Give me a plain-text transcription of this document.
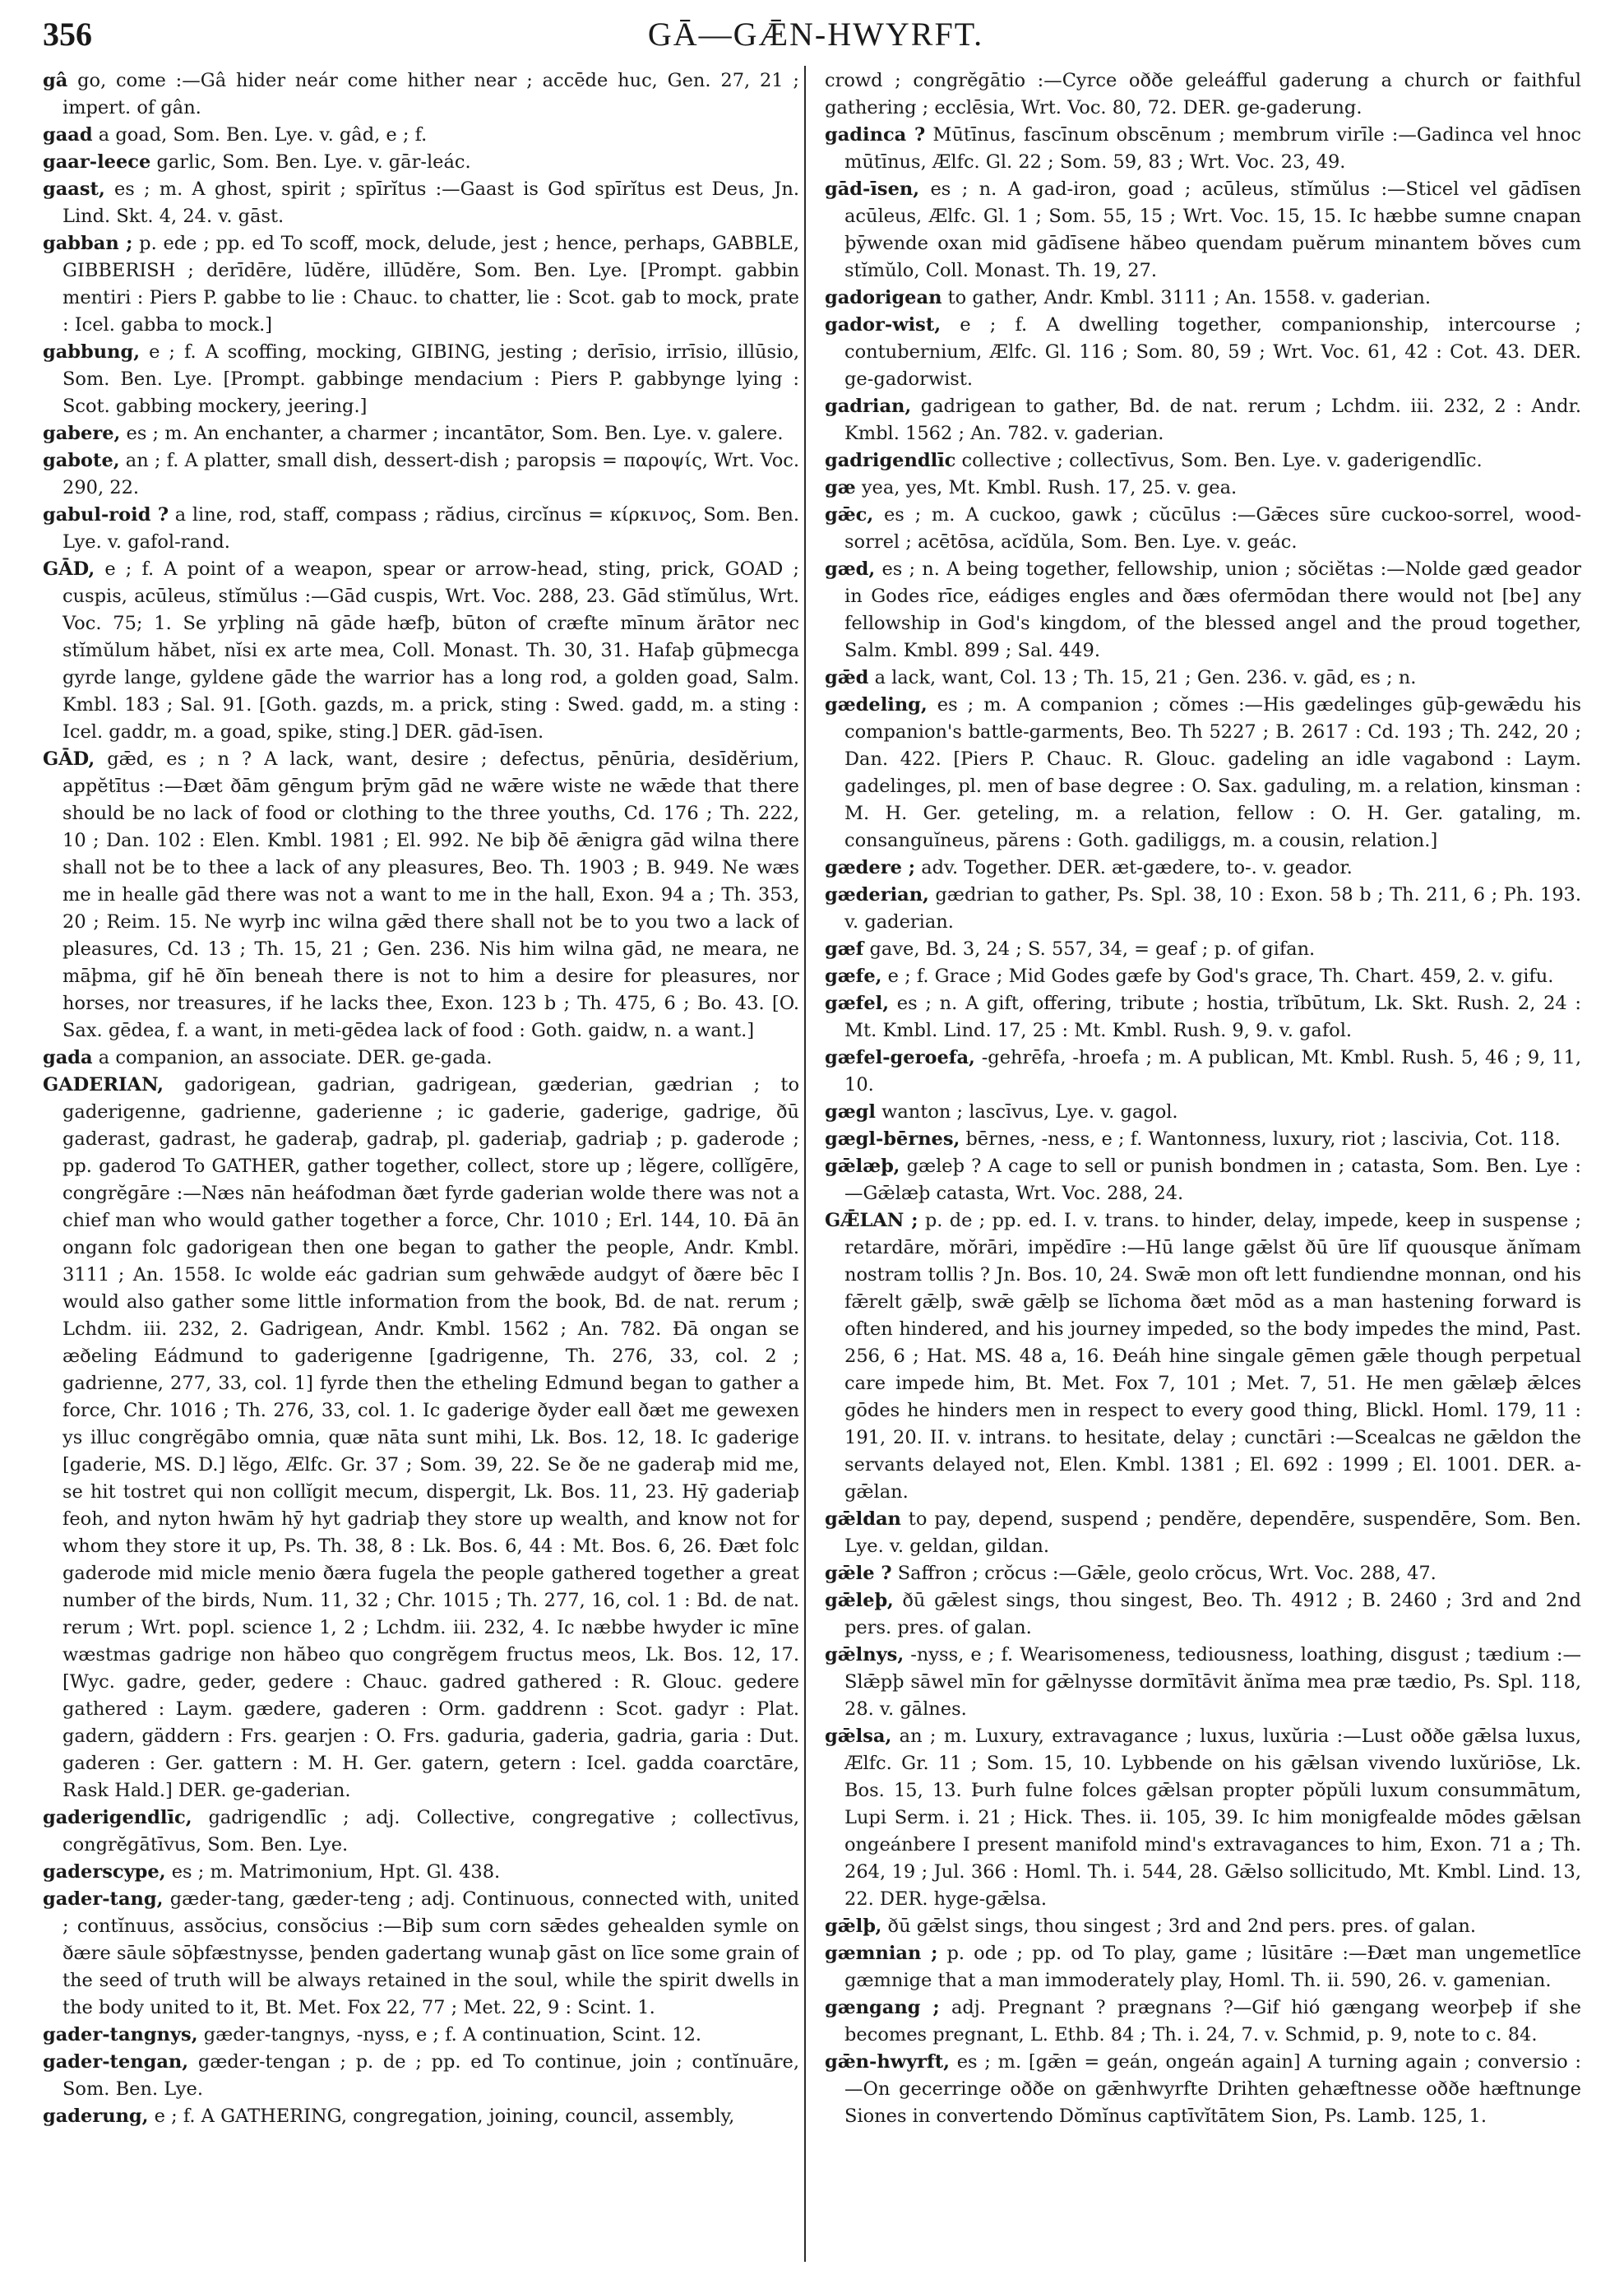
356	GĀ—GǢN-HWYRFT.

gâ go, come :—Gâ hider neár come hither near ; accēde huc, Gen. 27, 21 ; impert. of gân.

gaad a goad, Som. Ben. Lye. v. gâd, e ; f.

gaar-leece garlic, Som. Ben. Lye. v. gār-leác.

gaast, es ; m. A ghost, spirit ; spīrĭtus :—Gaast is God spīrĭtus est Deus, Jn. Lind. Skt. 4, 24. v. gāst.

gabban ; p. ede ; pp. ed To scoff, mock, delude, jest ; hence, perhaps, GABBLE, GIBBERISH ; derīdēre, lūdĕre, illūdĕre, Som. Ben. Lye. [Prompt. gabbin mentiri : Piers P. gabbe to lie : Chauc. to chatter, lie : Scot. gab to mock, prate : Icel. gabba to mock.]

gabbung, e ; f. A scoffing, mocking, GIBING, jesting ; derīsio, irrīsio, illūsio, Som. Ben. Lye. [Prompt. gabbinge mendacium : Piers P. gabbynge lying : Scot. gabbing mockery, jeering.]

gabere, es ; m. An enchanter, a charmer ; incantātor, Som. Ben. Lye. v. galere.

gabote, an ; f. A platter, small dish, dessert-dish ; paropsis = παροψίς, Wrt. Voc. 290, 22.

gabul-roid ? a line, rod, staff, compass ; rădius, circĭnus = κίρκινος, Som. Ben. Lye. v. gafol-rand.

GĀD, e ; f. A point of a weapon, spear or arrow-head, sting, prick, GOAD ; cuspis, acūleus, stĭmŭlus :—Gād cuspis, Wrt. Voc. 288, 23. Gād stĭmŭlus, Wrt. Voc. 75; 1. Se yrþling nā gāde hæfþ, būton of cræfte mīnum ărātor nec stĭmŭlum hăbet, nĭsi ex arte mea, Coll. Monast. Th. 30, 31. Hafaþ gūþmecga gyrde lange, gyldene gāde the warrior has a long rod, a golden goad, Salm. Kmbl. 183 ; Sal. 91. [Goth. gazds, m. a prick, sting : Swed. gadd, m. a sting : Icel. gaddr, m. a goad, spike, sting.] DER. gād-īsen.

GĀD, gǣd, es ; n ? A lack, want, desire ; defectus, pēnūria, desīdĕrium, appĕtītus :—Ðæt ðām gēngum þrȳm gād ne wǣre wiste ne wǣde that there should be no lack of food or clothing to the three youths, Cd. 176 ; Th. 222, 10 ; Dan. 102 : Elen. Kmbl. 1981 ; El. 992. Ne biþ ðē ǣnigra gād wilna there shall not be to thee a lack of any pleasures, Beo. Th. 1903 ; B. 949. Ne wæs me in healle gād there was not a want to me in the hall, Exon. 94 a ; Th. 353, 20 ; Reim. 15. Ne wyrþ inc wilna gǣd there shall not be to you two a lack of pleasures, Cd. 13 ; Th. 15, 21 ; Gen. 236. Nis him wilna gād, ne meara, ne māþma, gif hē ðīn beneah there is not to him a desire for pleasures, nor horses, nor treasures, if he lacks thee, Exon. 123 b ; Th. 475, 6 ; Bo. 43. [O. Sax. gēdea, f. a want, in meti-gēdea lack of food : Goth. gaidw, n. a want.]

gada a companion, an associate. DER. ge-gada.

GADERIAN, gadorigean, gadrian, gadrigean, gæderian, gædrian ; to gaderigenne, gadrienne, gaderienne ; ic gaderie, gaderige, gadrige, ðū gaderast, gadrast, he gaderaþ, gadraþ, pl. gaderiaþ, gadriaþ ; p. gaderode ; pp. gaderod To GATHER, gather together, collect, store up ; lĕgere, collĭgēre, congrĕgāre :—Næs nān heáfodman ðæt fyrde gaderian wolde there was not a chief man who would gather together a force, Chr. 1010 ; Erl. 144, 10. Ðā ān ongann folc gadorigean then one began to gather the people, Andr. Kmbl. 3111 ; An. 1558. Ic wolde eác gadrian sum gehwǣde audgyt of ðære bēc I would also gather some little information from the book, Bd. de nat. rerum ; Lchdm. iii. 232, 2. Gadrigean, Andr. Kmbl. 1562 ; An. 782. Ðā ongan se æðeling Eádmund to gaderigenne [gadrigenne, Th. 276, 33, col. 2 ; gadrienne, 277, 33, col. 1] fyrde then the etheling Edmund began to gather a force, Chr. 1016 ; Th. 276, 33, col. 1. Ic gaderige ðyder eall ðæt me gewexen ys illuc congrĕgābo omnia, quæ nāta sunt mihi, Lk. Bos. 12, 18. Ic gaderige [gaderie, MS. D.] lĕgo, Ælfc. Gr. 37 ; Som. 39, 22. Se ðe ne gaderaþ mid me, se hit tostret qui non collĭgit mecum, dispergit, Lk. Bos. 11, 23. Hȳ gaderiaþ feoh, and nyton hwām hȳ hyt gadriaþ they store up wealth, and know not for whom they store it up, Ps. Th. 38, 8 : Lk. Bos. 6, 44 : Mt. Bos. 6, 26. Ðæt folc gaderode mid micle menio ðæra fugela the people gathered together a great number of the birds, Num. 11, 32 ; Chr. 1015 ; Th. 277, 16, col. 1 : Bd. de nat. rerum ; Wrt. popl. science 1, 2 ; Lchdm. iii. 232, 4. Ic næbbe hwyder ic mīne wæstmas gadrige non hăbeo quo congrĕgem fructus meos, Lk. Bos. 12, 17. [Wyc. gadre, geder, gedere : Chauc. gadred gathered : R. Glouc. gedere gathered : Laym. gædere, gaderen : Orm. gaddrenn : Scot. gadyr : Plat. gadern, gäddern : Frs. gearjen : O. Frs. gaduria, gaderia, gadria, garia : Dut. gaderen : Ger. gattern : M. H. Ger. gatern, getern : Icel. gadda coarctāre, Rask Hald.] DER. ge-gaderian.

gaderigendlīc, gadrigendlīc ; adj. Collective, congregative ; collectīvus, congrĕgātīvus, Som. Ben. Lye.

gaderscype, es ; m. Matrimonium, Hpt. Gl. 438.

gader-tang, gæder-tang, gæder-teng ; adj. Continuous, connected with, united ; contĭnuus, assŏcius, consŏcius :—Biþ sum corn sǣdes gehealden symle on ðære sāule sōþfæstnysse, þenden gadertang wunaþ gāst on līce some grain of the seed of truth will be always retained in the soul, while the spirit dwells in the body united to it, Bt. Met. Fox 22, 77 ; Met. 22, 9 : Scint. 1.

gader-tangnys, gæder-tangnys, -nyss, e ; f. A continuation, Scint. 12.

gader-tengan, gæder-tengan ; p. de ; pp. ed To continue, join ; contĭnuāre, Som. Ben. Lye.

gaderung, e ; f. A GATHERING, congregation, joining, council, assembly,

crowd ; congrĕgātio :—Cyrce oððe geleáfful gaderung a church or faithful gathering ; ecclēsia, Wrt. Voc. 80, 72. DER. ge-gaderung.

gadinca ? Mūtīnus, fascīnum obscēnum ; membrum virīle :—Gadinca vel hnoc mūtīnus, Ælfc. Gl. 22 ; Som. 59, 83 ; Wrt. Voc. 23, 49.

gād-īsen, es ; n. A gad-iron, goad ; acūleus, stĭmŭlus :—Sticel vel gādīsen acūleus, Ælfc. Gl. 1 ; Som. 55, 15 ; Wrt. Voc. 15, 15. Ic hæbbe sumne cnapan þȳwende oxan mid gādīsene hăbeo quendam puĕrum minantem bŏves cum stĭmŭlo, Coll. Monast. Th. 19, 27.

gadorigean to gather, Andr. Kmbl. 3111 ; An. 1558. v. gaderian.

gador-wist, e ; f. A dwelling together, companionship, intercourse ; contubernium, Ælfc. Gl. 116 ; Som. 80, 59 ; Wrt. Voc. 61, 42 : Cot. 43. DER. ge-gadorwist.

gadrian, gadrigean to gather, Bd. de nat. rerum ; Lchdm. iii. 232, 2 : Andr. Kmbl. 1562 ; An. 782. v. gaderian.

gadrigendlīc collective ; collectīvus, Som. Ben. Lye. v. gaderigendlīc.

gæ yea, yes, Mt. Kmbl. Rush. 17, 25. v. gea.

gǣc, es ; m. A cuckoo, gawk ; cŭcūlus :—Gǣces sūre cuckoo-sorrel, wood-sorrel ; acētōsa, acĭdŭla, Som. Ben. Lye. v. geác.

gæd, es ; n. A being together, fellowship, union ; sŏciĕtas :—Nolde gæd geador in Godes rīce, eádiges engles and ðæs ofermōdan there would not [be] any fellowship in God's kingdom, of the blessed angel and the proud together, Salm. Kmbl. 899 ; Sal. 449.

gǣd a lack, want, Col. 13 ; Th. 15, 21 ; Gen. 236. v. gād, es ; n.

gædeling, es ; m. A companion ; cŏmes :—His gædelinges gūþ-gewǣdu his companion's battle-garments, Beo. Th 5227 ; B. 2617 : Cd. 193 ; Th. 242, 20 ; Dan. 422. [Piers P. Chauc. R. Glouc. gadeling an idle vagabond : Laym. gadelinges, pl. men of base degree : O. Sax. gaduling, m. a relation, kinsman : M. H. Ger. geteling, m. a relation, fellow : O. H. Ger. gataling, m. consanguĭneus, părens : Goth. gadiliggs, m. a cousin, relation.]

gædere ; adv. Together. DER. æt-gædere, to-. v. geador.

gæderian, gædrian to gather, Ps. Spl. 38, 10 : Exon. 58 b ; Th. 211, 6 ; Ph. 193. v. gaderian.

gæf gave, Bd. 3, 24 ; S. 557, 34, = geaf ; p. of gifan.

gæfe, e ; f. Grace ; Mid Godes gæfe by God's grace, Th. Chart. 459, 2. v. gifu.

gæfel, es ; n. A gift, offering, tribute ; hostia, trĭbūtum, Lk. Skt. Rush. 2, 24 : Mt. Kmbl. Lind. 17, 25 : Mt. Kmbl. Rush. 9, 9. v. gafol.

gæfel-geroefa, -gehrēfa, -hroefa ; m. A publican, Mt. Kmbl. Rush. 5, 46 ; 9, 11, 10.

gægl wanton ; lascīvus, Lye. v. gagol.

gægl-bērnes, bērnes, -ness, e ; f. Wantonness, luxury, riot ; lascivia, Cot. 118.

gǣlæþ, gæleþ ? A cage to sell or punish bondmen in ; catasta, Som. Ben. Lye :—Gǣlæþ catasta, Wrt. Voc. 288, 24.

GǢLAN ; p. de ; pp. ed. I. v. trans. to hinder, delay, impede, keep in suspense ; retardāre, mŏrāri, impĕdīre :—Hū lange gǣlst ðū ūre līf quousque ănĭmam nostram tollis ? Jn. Bos. 10, 24. Swǣ mon oft lett fundiendne monnan, ond his fǣrelt gǣlþ, swǣ gǣlþ se līchoma ðæt mōd as a man hastening forward is often hindered, and his journey impeded, so the body impedes the mind, Past. 256, 6 ; Hat. MS. 48 a, 16. Ðeáh hine singale gēmen gǣle though perpetual care impede him, Bt. Met. Fox 7, 101 ; Met. 7, 51. He men gǣlæþ ǣlces gōdes he hinders men in respect to every good thing, Blickl. Homl. 179, 11 : 191, 20. II. v. intrans. to hesitate, delay ; cunctāri :—Scealcas ne gǣldon the servants delayed not, Elen. Kmbl. 1381 ; El. 692 : 1999 ; El. 1001. DER. a-gǣlan.

gǣldan to pay, depend, suspend ; pendĕre, dependēre, suspendēre, Som. Ben. Lye. v. geldan, gildan.

gǣle ? Saffron ; crŏcus :—Gǣle, geolo crŏcus, Wrt. Voc. 288, 47.

gǣleþ, ðū gǣlest sings, thou singest, Beo. Th. 4912 ; B. 2460 ; 3rd and 2nd pers. pres. of galan.

gǣlnys, -nyss, e ; f. Wearisomeness, tediousness, loathing, disgust ; tædium :—Slǣpþ sāwel mīn for gǣlnysse dormītāvit ănĭma mea præ tædio, Ps. Spl. 118, 28. v. gālnes.

gǣlsa, an ; m. Luxury, extravagance ; luxus, luxŭria :—Lust oððe gǣlsa luxus, Ælfc. Gr. 11 ; Som. 15, 10. Lybbende on his gǣlsan vivendo luxŭriōse, Lk. Bos. 15, 13. Þurh fulne folces gǣlsan propter pŏpŭli luxum consummātum, Lupi Serm. i. 21 ; Hick. Thes. ii. 105, 39. Ic him monigfealde mōdes gǣlsan ongeánbere I present manifold mind's extravagances to him, Exon. 71 a ; Th. 264, 19 ; Jul. 366 : Homl. Th. i. 544, 28. Gǣlso sollicitudo, Mt. Kmbl. Lind. 13, 22. DER. hyge-gǣlsa.

gǣlþ, ðū gǣlst sings, thou singest ; 3rd and 2nd pers. pres. of galan.

gæmnian ; p. ode ; pp. od To play, game ; lūsitāre :—Ðæt man ungemetlīce gæmnige that a man immoderately play, Homl. Th. ii. 590, 26. v. gamenian.

gængang ; adj. Pregnant ? prægnans ?—Gif hió gængang weorþeþ if she becomes pregnant, L. Ethb. 84 ; Th. i. 24, 7. v. Schmid, p. 9, note to c. 84.

gǣn-hwyrft, es ; m. [gǣn = geán, ongeán again] A turning again ; conversio :—On gecerringe oððe on gǣnhwyrfte Drihten gehæftnesse oððe hæftnunge Siones in convertendo Dŏmĭnus captīvĭtātem Sion, Ps. Lamb. 125, 1.
